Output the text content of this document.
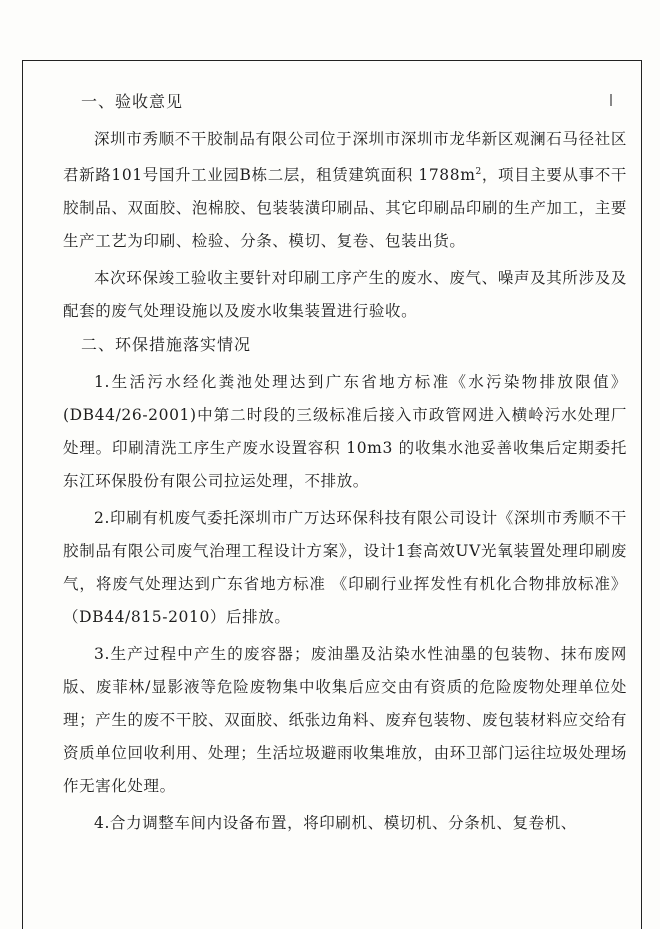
一、验收意见

深圳市秀顺不干胶制品有限公司位于深圳市深圳市龙华新区观澜石马径社区君新路101号国升工业园B栋二层，租赁建筑面积 $1788m^2$，项目主要从事不干胶制品、双面胶、泡棉胶、包装装潢印刷品、其它印刷品印刷的生产加工，主要生产工艺为印刷、检验、分条、模切、复卷、包装出货。

本次环保竣工验收主要针对印刷工序产生的废水、废气、噪声及其所涉及及配套的废气处理设施以及废水收集装置进行验收。

二、环保措施落实情况

1.生活污水经化粪池处理达到广东省地方标准《水污染物排放限值》(DB44/26-2001)中第二时段的三级标准后接入市政管网进入横岭污水处理厂处理。印刷清洗工序生产废水设置容积 10m3 的收集水池妥善收集后定期委托东江环保股份有限公司拉运处理，不排放。

2.印刷有机废气委托深圳市广万达环保科技有限公司设计《深圳市秀顺不干胶制品有限公司废气治理工程设计方案》，设计1套高效UV光氧装置处理印刷废气，将废气处理达到广东省地方标准 《印刷行业挥发性有机化合物排放标准》 （DB44/815-2010）后排放。

3.生产过程中产生的废容器；废油墨及沾染水性油墨的包装物、抹布废网版、废菲林/显影液等危险废物集中收集后应交由有资质的危险废物处理单位处理；产生的废不干胶、双面胶、纸张边角料、废弃包装物、废包装材料应交给有资质单位回收利用、处理；生活垃圾避雨收集堆放，由环卫部门运往垃圾处理场作无害化处理。

4.合力调整车间内设备布置，将印刷机、模切机、分条机、复卷机、
